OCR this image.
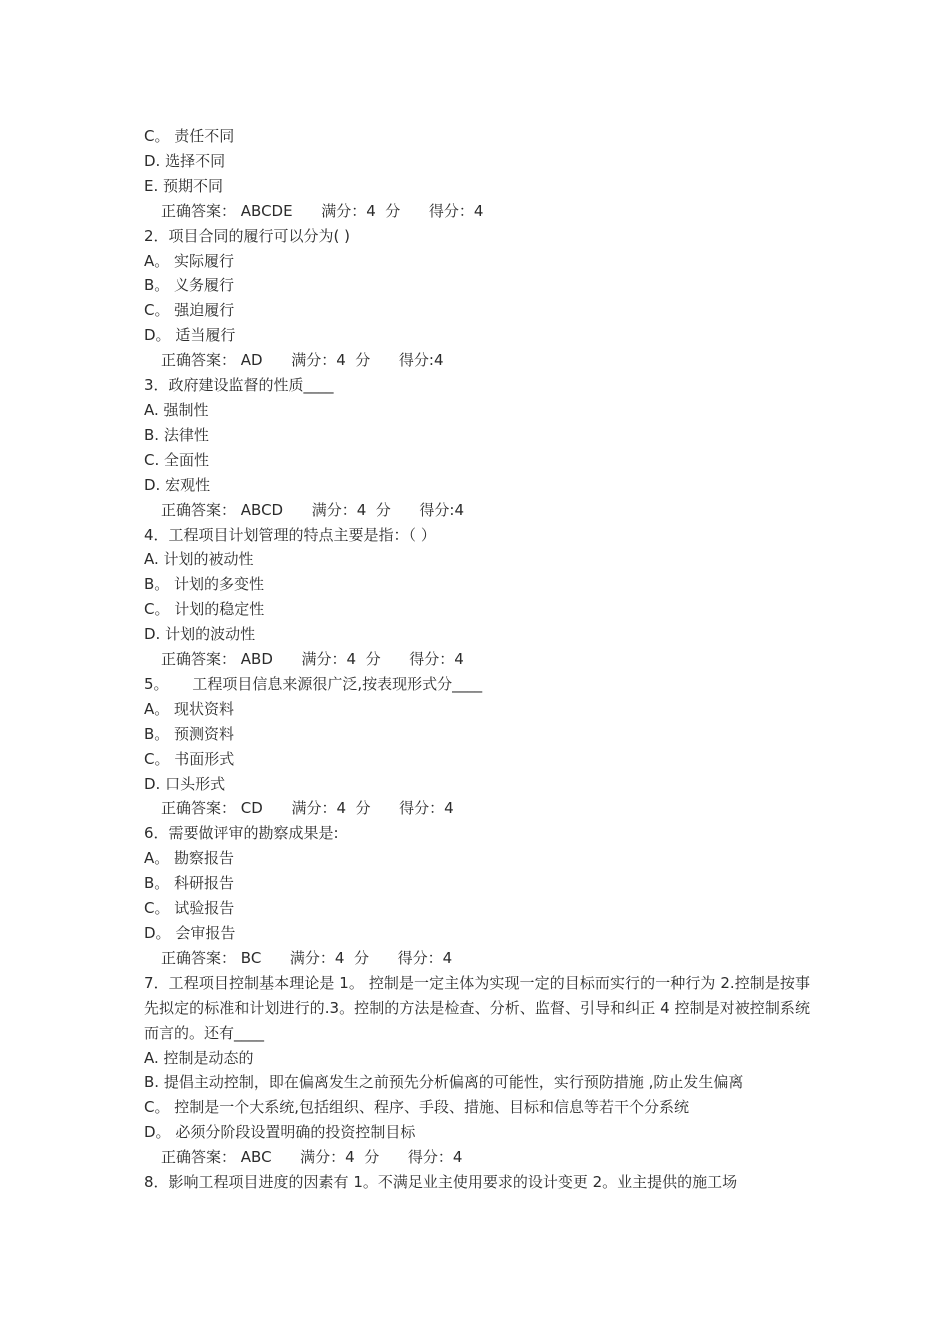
C。 责任不同
D. 选择不同
E. 预期不同
正确答案： ABCDE 满分：4  分 得分：4
2．项目合同的履行可以分为( )
A。 实际履行
B。 义务履行
C。 强迫履行
D。 适当履行
正确答案： AD 满分：4  分 得分:4
3．政府建设监督的性质____
A. 强制性
B. 法律性
C. 全面性
D. 宏观性
正确答案： ABCD 满分：4  分 得分:4
4．工程项目计划管理的特点主要是指：（ ）
A. 计划的被动性
B。 计划的多变性
C。 计划的稳定性
D. 计划的波动性
正确答案： ABD 满分：4  分 得分：4
5。     工程项目信息来源很广泛,按表现形式分____
A。 现状资料
B。 预测资料
C。 书面形式
D. 口头形式
正确答案： CD 满分：4  分 得分：4
6．需要做评审的勘察成果是:
A。 勘察报告
B。 科研报告
C。 试验报告
D。 会审报告
正确答案： BC 满分：4  分 得分：4
7．工程项目控制基本理论是 1。 控制是一定主体为实现一定的目标而实行的一种行为 2.控制是按事先拟定的标准和计划进行的.3。控制的方法是检查、分析、监督、引导和纠正 4 控制是对被控制系统而言的。还有____
A. 控制是动态的
B. 提倡主动控制，即在偏离发生之前预先分析偏离的可能性，实行预防措施 ,防止发生偏离
C。 控制是一个大系统,包括组织、程序、手段、措施、目标和信息等若干个分系统
D。 必须分阶段设置明确的投资控制目标
正确答案： ABC 满分：4  分 得分：4
8．影响工程项目进度的因素有 1。不满足业主使用要求的设计变更 2。业主提供的施工场
